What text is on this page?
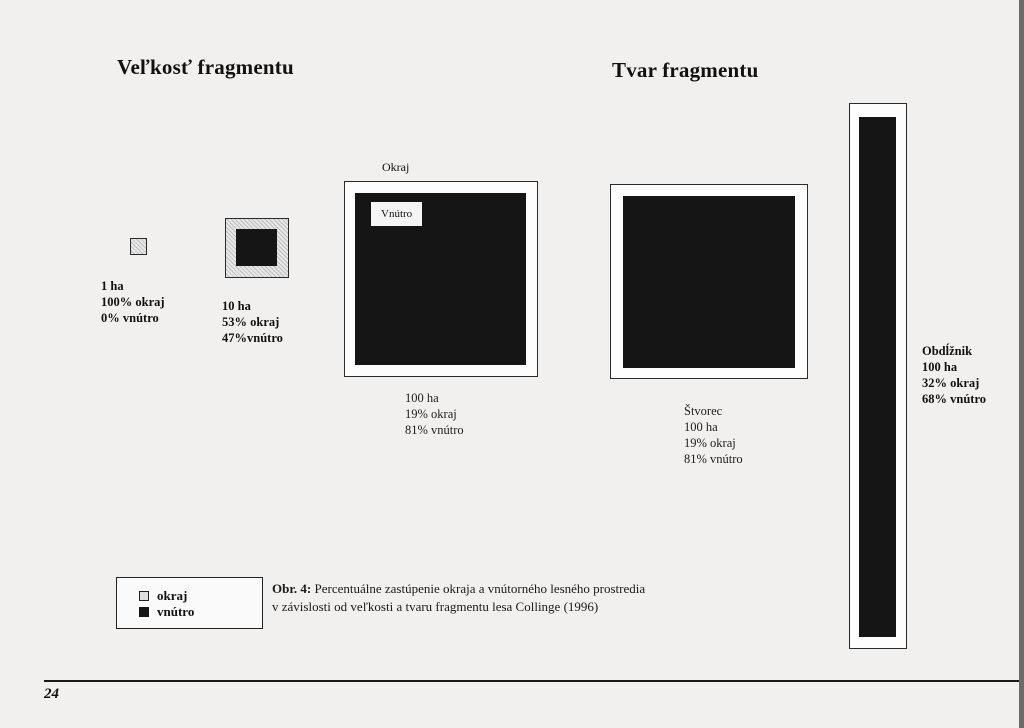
Veľkosť fragmentu	Tvar fragmentu
1 ha
100% okraj
0% vnútro
10 ha
53% okraj
47%vnútro
Okraj
Vnútro
100 ha
19% okraj
81% vnútro
Štvorec
100 ha
19% okraj
81% vnútro
Obdĺžnik
100 ha
32% okraj
68% vnútro
okraj
vnútro
Obr. 4: Percentuálne zastúpenie okraja a vnútorného lesného prostredia
v závislosti od veľkosti a tvaru fragmentu lesa Collinge (1996)
24
